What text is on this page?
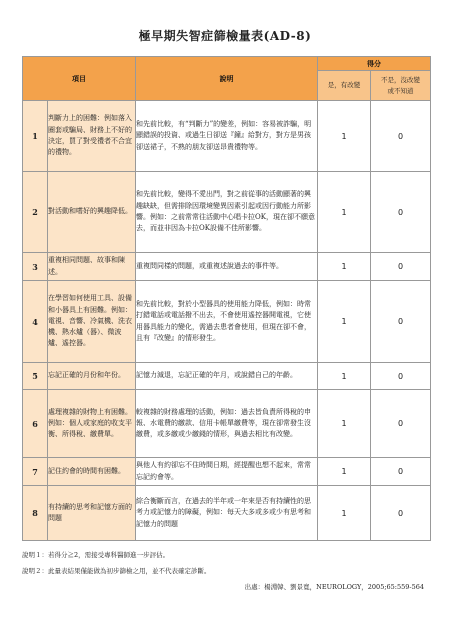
極早期失智症篩檢量表(AD-8)
項目		說明	得分	
			是，有改變	不是，沒改變
或不知道
1	判斷力上的困難：例如落入圈套或騙局、財務上不好的決定，買了對受禮者不合宜的禮物。	和先前比較，有“判斷力”的變差，例如：容易被詐騙，明顯錯誤的投資、或過生日卻送『鐘』給對方，對方是男孩卻送裙子，不熟的朋友卻送昂貴禮物等。	1	0
2	對活動和嗜好的興趣降低。	和先前比較，變得不愛出門，對之前從事的活動顯著的興趣缺缺，但需排除因環境變異因素引起或因行動能力所影響。例如：之前常常往活動中心唱卡拉OK，現在卻不願意去，而並非因為卡拉OK設備不佳所影響。	1	0
3	重複相同問題、故事和陳述。	重複問同樣的問題，或重複述說過去的事件等。	1	0
4	在學習如何使用工具、設備和小器具上有困難。例如：電視、音響、冷氣機、洗衣機、熱水爐（器）、微波爐、遙控器。	和先前比較，對於小型器具的使用能力降低，例如：時常打錯電話或電話撥不出去，不會使用遙控器開電視，它使用器具能力的變化，需過去患者會使用，但現在卻不會，且有『改變』的情形發生。	1	0
5	忘記正確的月份和年份。	記憶力減退，忘記正確的年月，或說錯自己的年齡。	1	0
6	處理複雜的財物上有困難。例如：個人或家庭的收支平衡、所得稅、繳費單。	較複雜的財務處理的活動，例如：過去皆負責所得稅的申報、水電費的繳款、信用卡帳單繳費等，現在卻常發生沒繳費，或多繳或少繳錢的情形，與過去相比有改變。	1	0
7	記住約會的時間有困難。	與他人有約卻忘不住時間日期，經提醒也想不起來，常常忘記約會等。	1	0
8	有持續的思考和記憶方面的問題	綜合衡斷而言，在過去的半年或一年來是否有持續性的思考力或記憶力的障礙，例如：每天大多或多或少有思考和記憶力的問題	1	0
說明１：若得分≧2，需接受專科醫師進一步評估。
說明２：此量表結果僅能做為初步篩檢之用，並不代表確定診斷。
出處：楊淵韓、劉景寬，NEUROLOGY，2005;65:559-564
